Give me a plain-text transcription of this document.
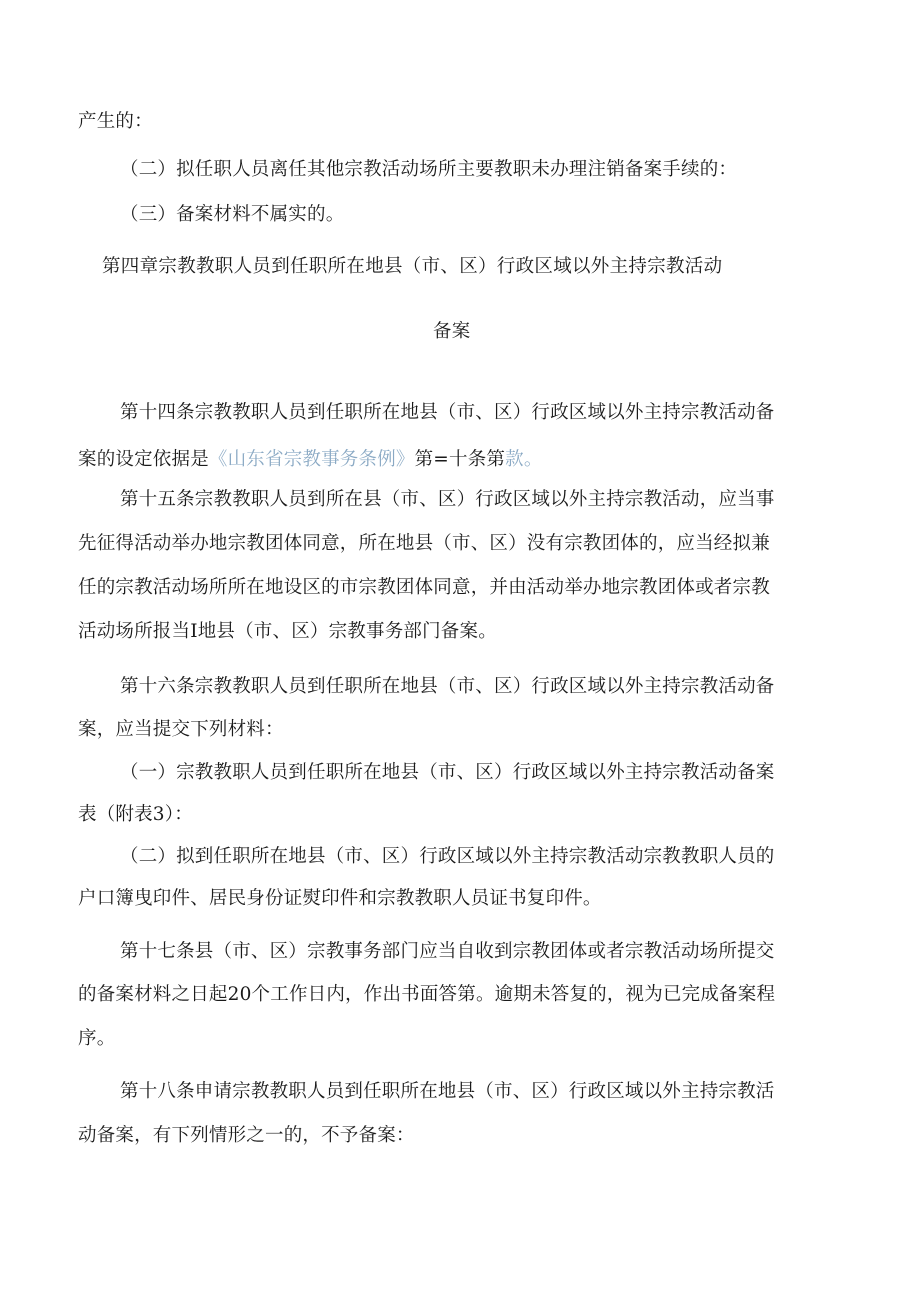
产生的：
（二）拟任职人员离任其他宗教活动场所主要教职未办理注销备案手续的：
（三）备案材料不属实的。
第四章宗教教职人员到任职所在地县（市、区）行政区域以外主持宗教活动
备案
第十四条宗教教职人员到任职所在地县（市、区）行政区域以外主持宗教活动备
案的设定依据是《山东省宗教事务条例》第=十条第款。
第十五条宗教教职人员到所在县（市、区）行政区域以外主持宗教活动，应当事
先征得活动举办地宗教团体同意，所在地县（市、区）没有宗教团体的，应当经拟兼
任的宗教活动场所所在地设区的市宗教团体同意，并由活动举办地宗教团体或者宗教
活动场所报当I地县（市、区）宗教事务部门备案。
第十六条宗教教职人员到任职所在地县（市、区）行政区域以外主持宗教活动备
案，应当提交下列材料：
（一）宗教教职人员到任职所在地县（市、区）行政区域以外主持宗教活动备案
表（附表3）：
（二）拟到任职所在地县（市、区）行政区域以外主持宗教活动宗教教职人员的
户口簿曳印件、居民身份证熨印件和宗教教职人员证书复印件。
第十七条县（市、区）宗教事务部门应当自收到宗教团体或者宗教活动场所提交
的备案材料之日起20个工作日内，作出书面答第。逾期未答复的，视为已完成备案程
序。
第十八条申请宗教教职人员到任职所在地县（市、区）行政区域以外主持宗教活
动备案，有下列情形之一的，不予备案：
